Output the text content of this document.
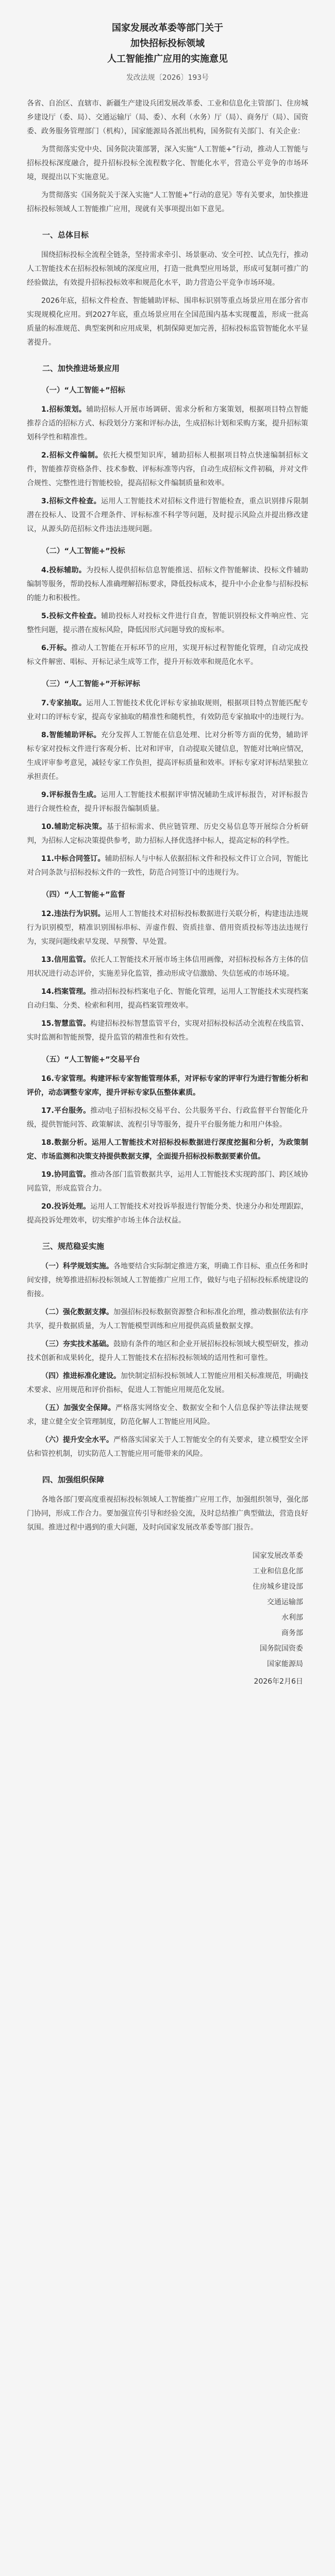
国家发展改革委等部门关于
加快招标投标领域
人工智能推广应用的实施意见
发改法规〔2026〕193号

各省、自治区、直辖市、新疆生产建设兵团发展改革委、工业和信息化主管部门、住房城乡建设厅（委、局）、交通运输厅（局、委）、水利（水务）厅（局）、商务厅（局）、国资委、政务服务管理部门（机构），国家能源局各派出机构，国务院有关部门、有关企业：

为贯彻落实党中央、国务院决策部署，深入实施“人工智能+”行动，推动人工智能与招标投标深度融合，提升招标投标全流程数字化、智能化水平，营造公平竞争的市场环境，现提出以下实施意见。

为贯彻落实《国务院关于深入实施“人工智能+”行动的意见》等有关要求，加快推进招标投标领域人工智能推广应用，现就有关事项提出如下意见。

一、总体目标

围绕招标投标全流程全链条，坚持需求牵引、场景驱动、安全可控、试点先行，推动人工智能技术在招标投标领域的深度应用，打造一批典型应用场景，形成可复制可推广的经验做法，有效提升招标投标效率和规范化水平，助力营造公平竞争市场环境。

2026年底，招标文件检查、智能辅助评标、围串标识别等重点场景应用在部分省市实现规模化应用。到2027年底，重点场景应用在全国范围内基本实现覆盖，形成一批高质量的标准规范、典型案例和应用成果，机制保障更加完善，招标投标监管智能化水平显著提升。

二、加快推进场景应用
（一）“人工智能+”招标

1.招标策划。辅助招标人开展市场调研、需求分析和方案策划，根据项目特点智能推荐合适的招标方式、标段划分方案和评标办法，生成招标计划和采购方案，提升招标策划科学性和精准性。

2.招标文件编制。依托大模型知识库，辅助招标人根据项目特点快速编制招标文件，智能推荐资格条件、技术参数、评标标准等内容，自动生成招标文件初稿，并对文件合规性、完整性进行智能校验，提高招标文件编制质量和效率。

3.招标文件检查。运用人工智能技术对招标文件进行智能检查，重点识别排斥限制潜在投标人、设置不合理条件、评标标准不科学等问题，及时提示风险点并提出修改建议，从源头防范招标文件违法违规问题。

（二）“人工智能+”投标

4.投标辅助。为投标人提供招标信息智能推送、招标文件智能解读、投标文件辅助编制等服务，帮助投标人准确理解招标要求，降低投标成本，提升中小企业参与招标投标的能力和积极性。

5.投标文件检查。辅助投标人对投标文件进行自查，智能识别投标文件响应性、完整性问题，提示潜在废标风险，降低因形式问题导致的废标率。

6.开标。推动人工智能在开标环节的应用，实现开标过程智能化管理，自动完成投标文件解密、唱标、开标记录生成等工作，提升开标效率和规范化水平。

（三）“人工智能+”开标评标

7.专家抽取。运用人工智能技术优化评标专家抽取规则，根据项目特点智能匹配专业对口的评标专家，提高专家抽取的精准性和随机性，有效防范专家抽取中的违规行为。

8.智能辅助评标。充分发挥人工智能在信息处理、比对分析等方面的优势，辅助评标专家对投标文件进行客观分析、比对和评审，自动提取关键信息，智能对比响应情况，生成评审参考意见，减轻专家工作负担，提高评标质量和效率。评标专家对评标结果独立承担责任。

9.评标报告生成。运用人工智能技术根据评审情况辅助生成评标报告，对评标报告进行合规性检查，提升评标报告编制质量。

10.辅助定标决策。基于招标需求、供应链管理、历史交易信息等开展综合分析研判，为招标人定标决策提供参考，助力招标人择优选择中标人，提高定标的科学性。

11.中标合同签订。辅助招标人与中标人依据招标文件和投标文件订立合同，智能比对合同条款与招标投标文件的一致性，防范合同签订中的违规行为。

（四）“人工智能+”监督

12.违法行为识别。运用人工智能技术对招标投标数据进行关联分析，构建违法违规行为识别模型，精准识别围标串标、弄虚作假、资质挂靠、借用资质投标等违法违规行为，实现问题线索早发现、早预警、早处置。

13.信用监管。依托人工智能技术开展市场主体信用画像，对招标投标各方主体的信用状况进行动态评价，实施差异化监管，推动形成守信激励、失信惩戒的市场环境。

14.档案管理。推动招标投标档案电子化、智能化管理，运用人工智能技术实现档案自动归集、分类、检索和利用，提高档案管理效率。

15.智慧监管。构建招标投标智慧监管平台，实现对招标投标活动全流程在线监管、实时监测和智能预警，提升监管的精准性和有效性。

（五）“人工智能+”交易平台

16.专家管理。构建评标专家智能管理体系，对评标专家的评审行为进行智能分析和评价，动态调整专家库，提升评标专家队伍整体素质。

17.平台服务。推动电子招标投标交易平台、公共服务平台、行政监督平台智能化升级，提供智能问答、政策解读、流程引导等服务，提升平台服务能力和用户体验。

18.数据分析。运用人工智能技术对招标投标数据进行深度挖掘和分析，为政策制定、市场监测和决策支持提供数据支撑，全面提升招标投标数据要素价值。

19.协同监管。推动各部门监管数据共享，运用人工智能技术实现跨部门、跨区域协同监管，形成监管合力。

20.投诉处理。运用人工智能技术对投诉举报进行智能分类、快速分办和处理跟踪，提高投诉处理效率，切实维护市场主体合法权益。

三、规范稳妥实施

（一）科学规划实施。各地要结合实际制定推进方案，明确工作目标、重点任务和时间安排，统筹推进招标投标领域人工智能推广应用工作，做好与电子招标投标系统建设的衔接。

（二）强化数据支撑。加强招标投标数据资源整合和标准化治理，推动数据依法有序共享，提升数据质量，为人工智能模型训练和应用提供高质量数据支撑。

（三）夯实技术基础。鼓励有条件的地区和企业开展招标投标领域大模型研发，推动技术创新和成果转化，提升人工智能技术在招标投标领域的适用性和可靠性。

（四）推进标准化建设。加快制定招标投标领域人工智能应用相关标准规范，明确技术要求、应用规范和评价指标，促进人工智能应用规范化发展。

（五）加强安全保障。严格落实网络安全、数据安全和个人信息保护等法律法规要求，建立健全安全管理制度，防范化解人工智能应用风险。

（六）提升安全水平。严格落实国家关于人工智能安全的有关要求，建立模型安全评估和管控机制，切实防范人工智能应用可能带来的风险。

四、加强组织保障

各地各部门要高度重视招标投标领域人工智能推广应用工作，加强组织领导，强化部门协同，形成工作合力。要加强宣传引导和经验交流，及时总结推广典型做法，营造良好氛围。推进过程中遇到的重大问题，及时向国家发展改革委等部门报告。

国家发展改革委
工业和信息化部
住房城乡建设部
交通运输部
水利部
商务部
国务院国资委
国家能源局
2026年2月6日
